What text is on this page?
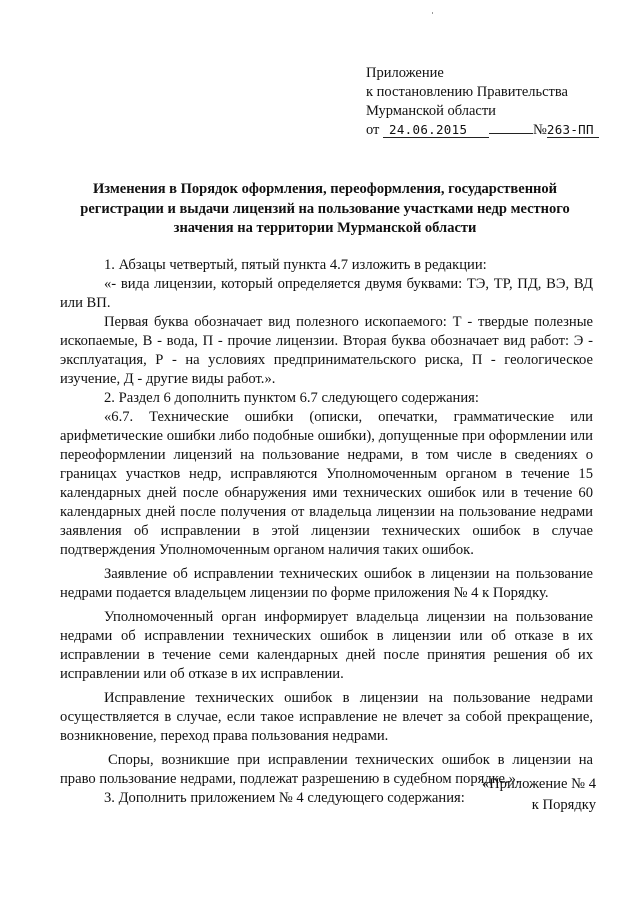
Приложение
к постановлению Правительства
Мурманской области
от 24.06.2015	№263-ПП
Изменения в Порядок оформления, переоформления, государственной регистрации и выдачи лицензий на пользование участками недр местного значения на территории Мурманской области

1. Абзацы четвертый, пятый пункта 4.7 изложить в редакции:

«- вида лицензии, который определяется двумя буквами: ТЭ, ТР, ПД, ВЭ, ВД или ВП.

Первая буква обозначает вид полезного ископаемого: Т - твердые полезные ископаемые, В - вода, П - прочие лицензии. Вторая буква обозначает вид работ: Э - эксплуатация, Р - на условиях предпринимательского риска, П - геологическое изучение, Д - другие виды работ.».

2. Раздел 6 дополнить пунктом 6.7 следующего содержания:

«6.7. Технические ошибки (описки, опечатки, грамматические или арифметические ошибки либо подобные ошибки), допущенные при оформлении или переоформлении лицензий на пользование недрами, в том числе в сведениях о границах участков недр, исправляются Уполномоченным органом в течение 15 календарных дней после обнаружения ими технических ошибок или в течение 60 календарных дней после получения от владельца лицензии на пользование недрами заявления об исправлении в этой лицензии технических ошибок в случае подтверждения Уполномоченным органом наличия таких ошибок.

Заявление об исправлении технических ошибок в лицензии на пользование недрами подается владельцем лицензии по форме приложения № 4 к Порядку.

Уполномоченный орган информирует владельца лицензии на пользование недрами об исправлении технических ошибок в лицензии или об отказе в их исправлении в течение семи календарных дней после принятия решения об их исправлении или об отказе в их исправлении.

Исправление технических ошибок в лицензии на пользование недрами осуществляется в случае, если такое исправление не влечет за собой прекращение, возникновение, переход права пользования недрами.

Споры, возникшие при исправлении технических ошибок в лицензии на право пользование недрами, подлежат разрешению в судебном порядке.».

3. Дополнить приложением № 4 следующего содержания:

«Приложение № 4
к Порядку
